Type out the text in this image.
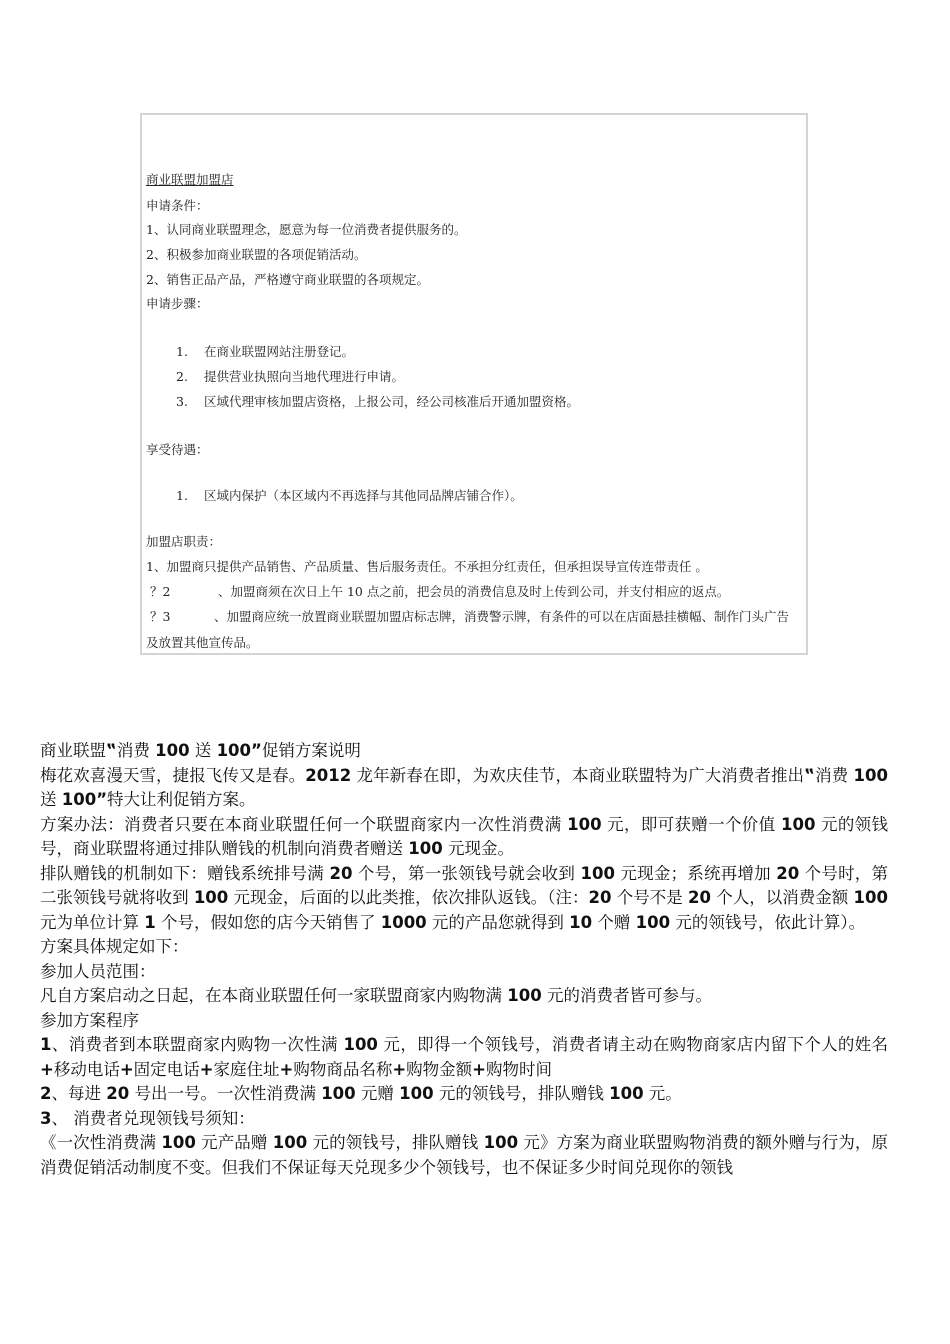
商业联盟加盟店
申请条件：
1、认同商业联盟理念，愿意为每一位消费者提供服务的。
2、积极参加商业联盟的各项促销活动。
2、销售正品产品，严格遵守商业联盟的各项规定。
申请步骤：
1. 在商业联盟网站注册登记。
2. 提供营业执照向当地代理进行申请。
3. 区域代理审核加盟店资格，上报公司，经公司核准后开通加盟资格。
享受待遇：
1. 区域内保护（本区域内不再选择与其他同品牌店铺合作）。
加盟店职责：
1、加盟商只提供产品销售、产品质量、售后服务责任。不承担分红责任，但承担误导宣传连带责任 。
？2	、加盟商须在次日上午 10 点之前，把会员的消费信息及时上传到公司，并支付相应的返点。
？3	、加盟商应统一放置商业联盟加盟店标志牌，消费警示牌，有条件的可以在店面悬挂横幅、制作门头广告及放置其他宣传品。

商业联盟‟消费 100 送 100”促销方案说明

梅花欢喜漫天雪，捷报飞传又是春。2012 龙年新春在即，为欢庆佳节，本商业联盟特为广大消费者推出‟消费 100 送 100”特大让利促销方案。

方案办法：消费者只要在本商业联盟任何一个联盟商家内一次性消费满 100 元，即可获赠一个价值 100 元的领钱号，商业联盟将通过排队赠钱的机制向消费者赠送 100 元现金。

排队赠钱的机制如下：赠钱系统排号满 20 个号，第一张领钱号就会收到 100 元现金；系统再增加 20 个号时，第二张领钱号就将收到 100 元现金，后面的以此类推，依次排队返钱。（注：20 个号不是 20 个人，以消费金额 100 元为单位计算 1 个号，假如您的店今天销售了 1000 元的产品您就得到 10 个赠 100 元的领钱号，依此计算）。

方案具体规定如下：

参加人员范围：

凡自方案启动之日起，在本商业联盟任何一家联盟商家内购物满 100 元的消费者皆可参与。

参加方案程序

1、消费者到本联盟商家内购物一次性满 100 元，即得一个领钱号，消费者请主动在购物商家店内留下个人的姓名+移动电话+固定电话+家庭住址+购物商品名称+购物金额+购物时间

2、每进 20 号出一号。一次性消费满 100 元赠 100 元的领钱号，排队赠钱 100 元。

3、 消费者兑现领钱号须知：

《一次性消费满 100 元产品赠 100 元的领钱号，排队赠钱 100 元》方案为商业联盟购物消费的额外赠与行为，原消费促销活动制度不变。但我们不保证每天兑现多少个领钱号，也不保证多少时间兑现你的领钱
